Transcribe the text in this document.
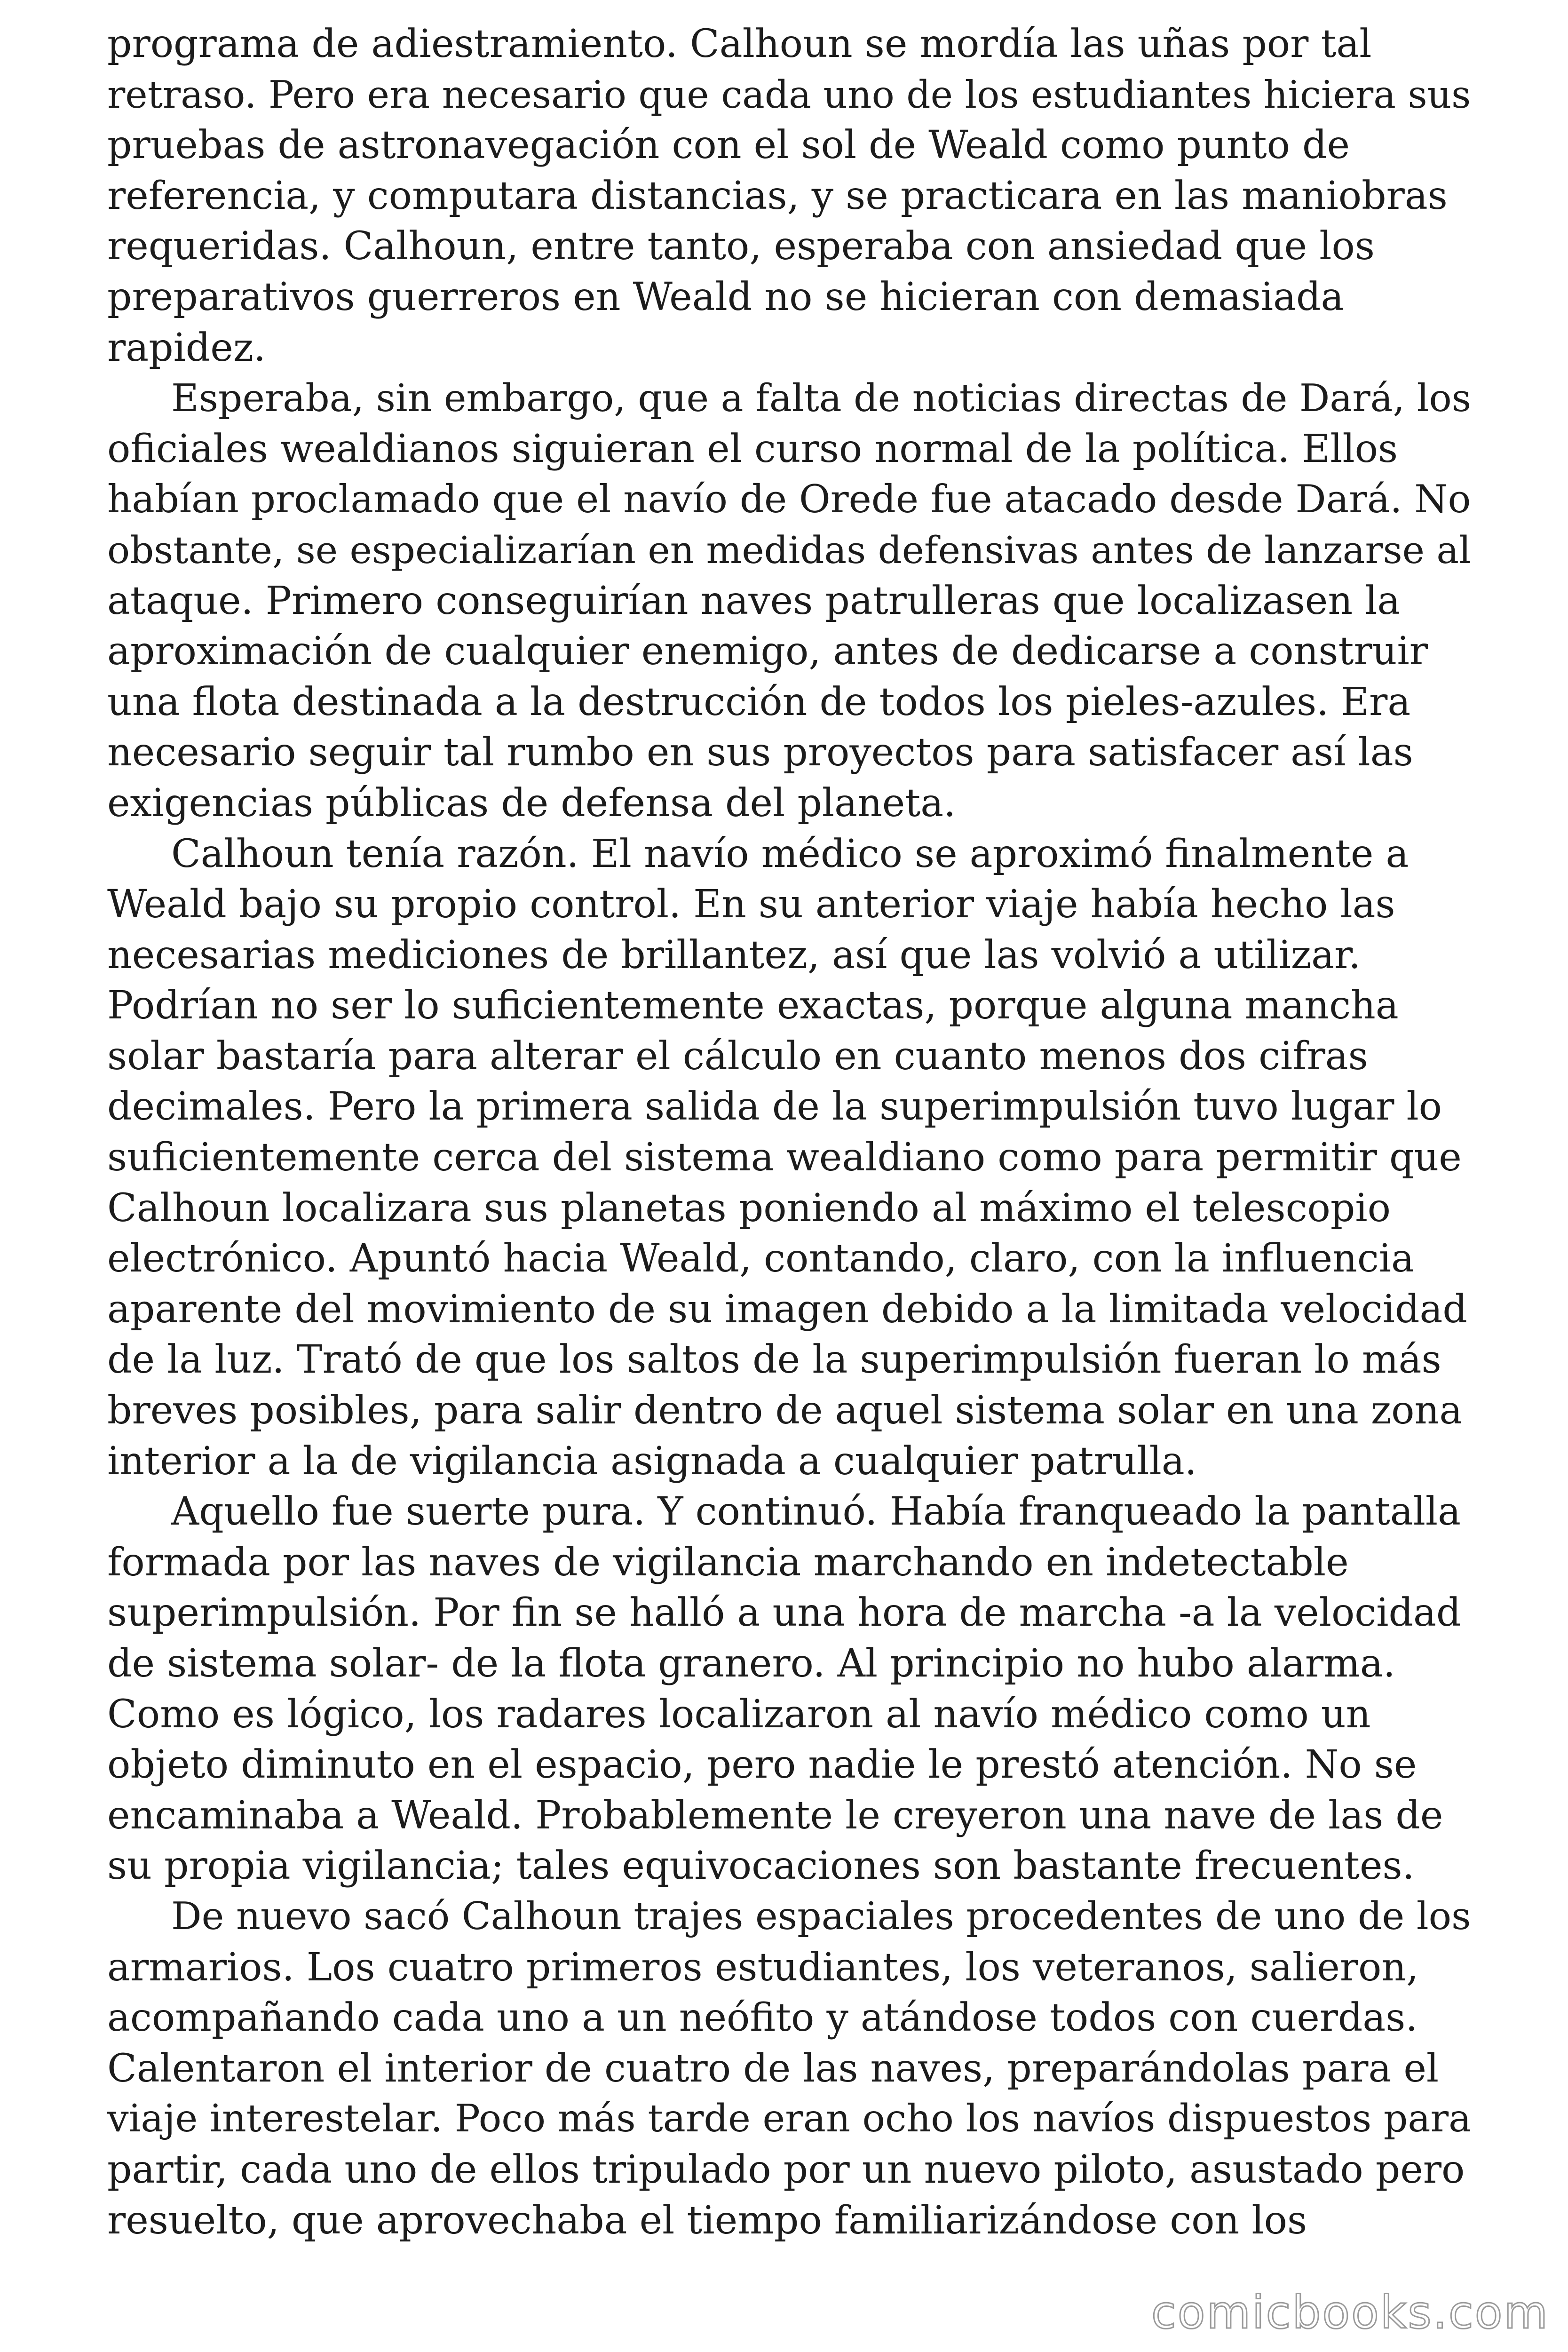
programa de adiestramiento. Calhoun se mordía las uñas por tal
retraso. Pero era necesario que cada uno de los estudiantes hiciera sus
pruebas de astronavegación con el sol de Weald como punto de
referencia, y computara distancias, y se practicara en las maniobras
requeridas. Calhoun, entre tanto, esperaba con ansiedad que los
preparativos guerreros en Weald no se hicieran con demasiada
rapidez.
Esperaba, sin embargo, que a falta de noticias directas de Dará, los
oficiales wealdianos siguieran el curso normal de la política. Ellos
habían proclamado que el navío de Orede fue atacado desde Dará. No
obstante, se especializarían en medidas defensivas antes de lanzarse al
ataque. Primero conseguirían naves patrulleras que localizasen la
aproximación de cualquier enemigo, antes de dedicarse a construir
una flota destinada a la destrucción de todos los pieles-azules. Era
necesario seguir tal rumbo en sus proyectos para satisfacer así las
exigencias públicas de defensa del planeta.
Calhoun tenía razón. El navío médico se aproximó finalmente a
Weald bajo su propio control. En su anterior viaje había hecho las
necesarias mediciones de brillantez, así que las volvió a utilizar.
Podrían no ser lo suficientemente exactas, porque alguna mancha
solar bastaría para alterar el cálculo en cuanto menos dos cifras
decimales. Pero la primera salida de la superimpulsión tuvo lugar lo
suficientemente cerca del sistema wealdiano como para permitir que
Calhoun localizara sus planetas poniendo al máximo el telescopio
electrónico. Apuntó hacia Weald, contando, claro, con la influencia
aparente del movimiento de su imagen debido a la limitada velocidad
de la luz. Trató de que los saltos de la superimpulsión fueran lo más
breves posibles, para salir dentro de aquel sistema solar en una zona
interior a la de vigilancia asignada a cualquier patrulla.
Aquello fue suerte pura. Y continuó. Había franqueado la pantalla
formada por las naves de vigilancia marchando en indetectable
superimpulsión. Por fin se halló a una hora de marcha -a la velocidad
de sistema solar- de la flota granero. Al principio no hubo alarma.
Como es lógico, los radares localizaron al navío médico como un
objeto diminuto en el espacio, pero nadie le prestó atención. No se
encaminaba a Weald. Probablemente le creyeron una nave de las de
su propia vigilancia; tales equivocaciones son bastante frecuentes.
De nuevo sacó Calhoun trajes espaciales procedentes de uno de los
armarios. Los cuatro primeros estudiantes, los veteranos, salieron,
acompañando cada uno a un neófito y atándose todos con cuerdas.
Calentaron el interior de cuatro de las naves, preparándolas para el
viaje interestelar. Poco más tarde eran ocho los navíos dispuestos para
partir, cada uno de ellos tripulado por un nuevo piloto, asustado pero
resuelto, que aprovechaba el tiempo familiarizándose con los
comicbooks.com
